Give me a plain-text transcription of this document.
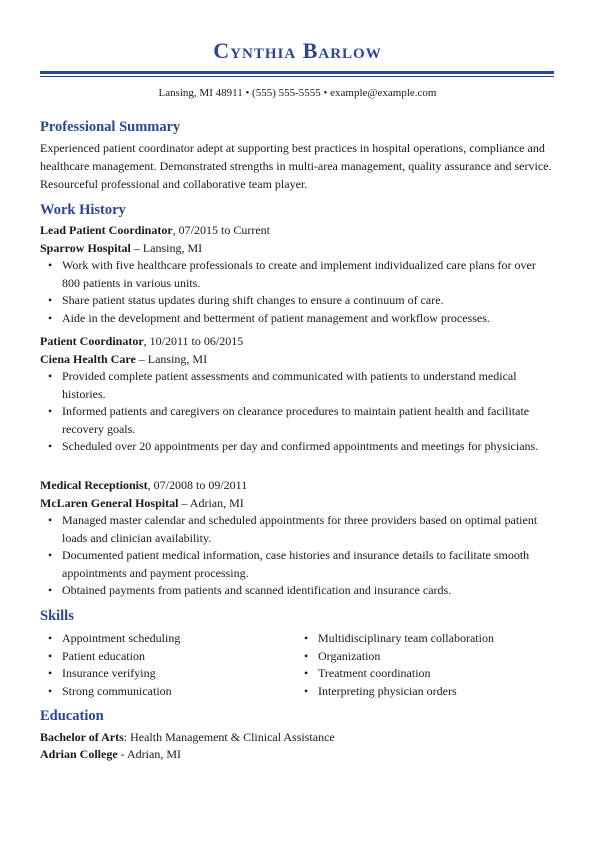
Cynthia Barlow
Lansing, MI 48911 • (555) 555-5555 • example@example.com
Professional Summary
Experienced patient coordinator adept at supporting best practices in hospital operations, compliance and healthcare management. Demonstrated strengths in multi-area management, quality assurance and service. Resourceful professional and collaborative team player.
Work History
Lead Patient Coordinator, 07/2015 to Current
Sparrow Hospital – Lansing, MI
• Work with five healthcare professionals to create and implement individualized care plans for over 800 patients in various units.
• Share patient status updates during shift changes to ensure a continuum of care.
• Aide in the development and betterment of patient management and workflow processes.
Patient Coordinator, 10/2011 to 06/2015
Ciena Health Care – Lansing, MI
• Provided complete patient assessments and communicated with patients to understand medical histories.
• Informed patients and caregivers on clearance procedures to maintain patient health and facilitate recovery goals.
• Scheduled over 20 appointments per day and confirmed appointments and meetings for physicians.
Medical Receptionist, 07/2008 to 09/2011
McLaren General Hospital – Adrian, MI
• Managed master calendar and scheduled appointments for three providers based on optimal patient loads and clinician availability.
• Documented patient medical information, case histories and insurance details to facilitate smooth appointments and payment processing.
• Obtained payments from patients and scanned identification and insurance cards.
Skills
• Appointment scheduling
• Patient education
• Insurance verifying
• Strong communication
• Multidisciplinary team collaboration
• Organization
• Treatment coordination
• Interpreting physician orders
Education
Bachelor of Arts: Health Management & Clinical Assistance
Adrian College - Adrian, MI
